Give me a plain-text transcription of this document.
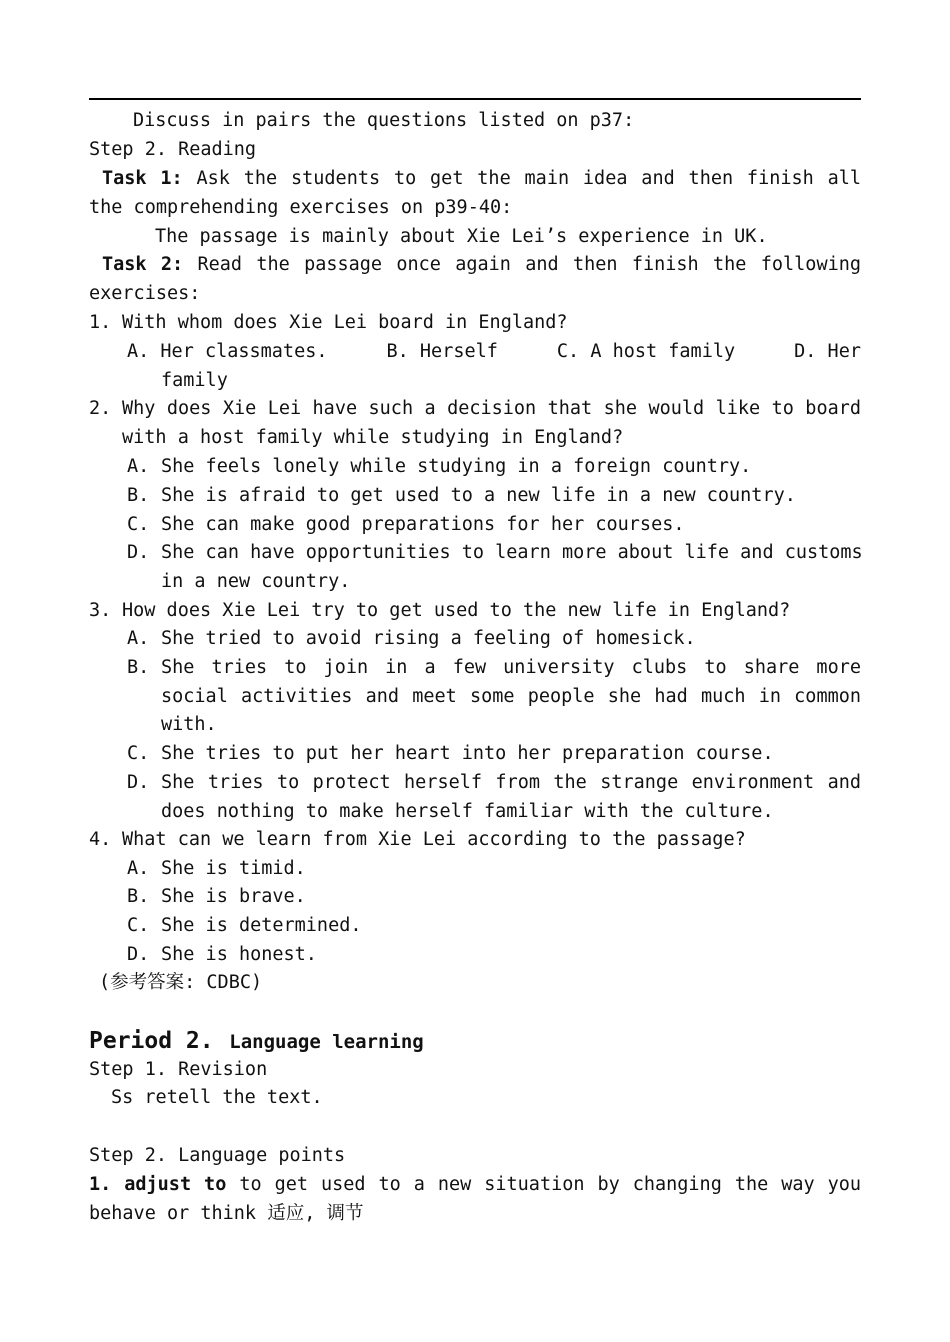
Discuss in pairs the questions listed on p37:
Step 2. Reading
Task 1: Ask the students to get the main idea and then finish all
the comprehending exercises on p39-40:
The passage is mainly about Xie Lei’s experience in UK.
Task 2: Read the passage once again and then finish the following
exercises:
1. With whom does Xie Lei board in England?
A. Her classmates.	B. Herself	C. A host family	D. Her
family
2. Why does Xie Lei have such a decision that she would like to board
with a host family while studying in England?
A. She feels lonely while studying in a foreign country.
B. She is afraid to get used to a new life in a new country.
C. She can make good preparations for her courses.
D. She can have opportunities to learn more about life and customs
in a new country.
3. How does Xie Lei try to get used to the new life in England?
A. She tried to avoid rising a feeling of homesick.
B. She tries to join in a few university clubs to share more
social activities and meet some people she had much in common
with.
C. She tries to put her heart into her preparation course.
D. She tries to protect herself from the strange environment and
does nothing to make herself familiar with the culture.
4. What can we learn from Xie Lei according to the passage?
A. She is timid.
B. She is brave.
C. She is determined.
D. She is honest.
(参考答案: CDBC)
Period 2. Language learning
Step 1. Revision
Ss retell the text.
Step 2. Language points
1. adjust to to get used to a new situation by changing the way you
behave or think 适应, 调节
